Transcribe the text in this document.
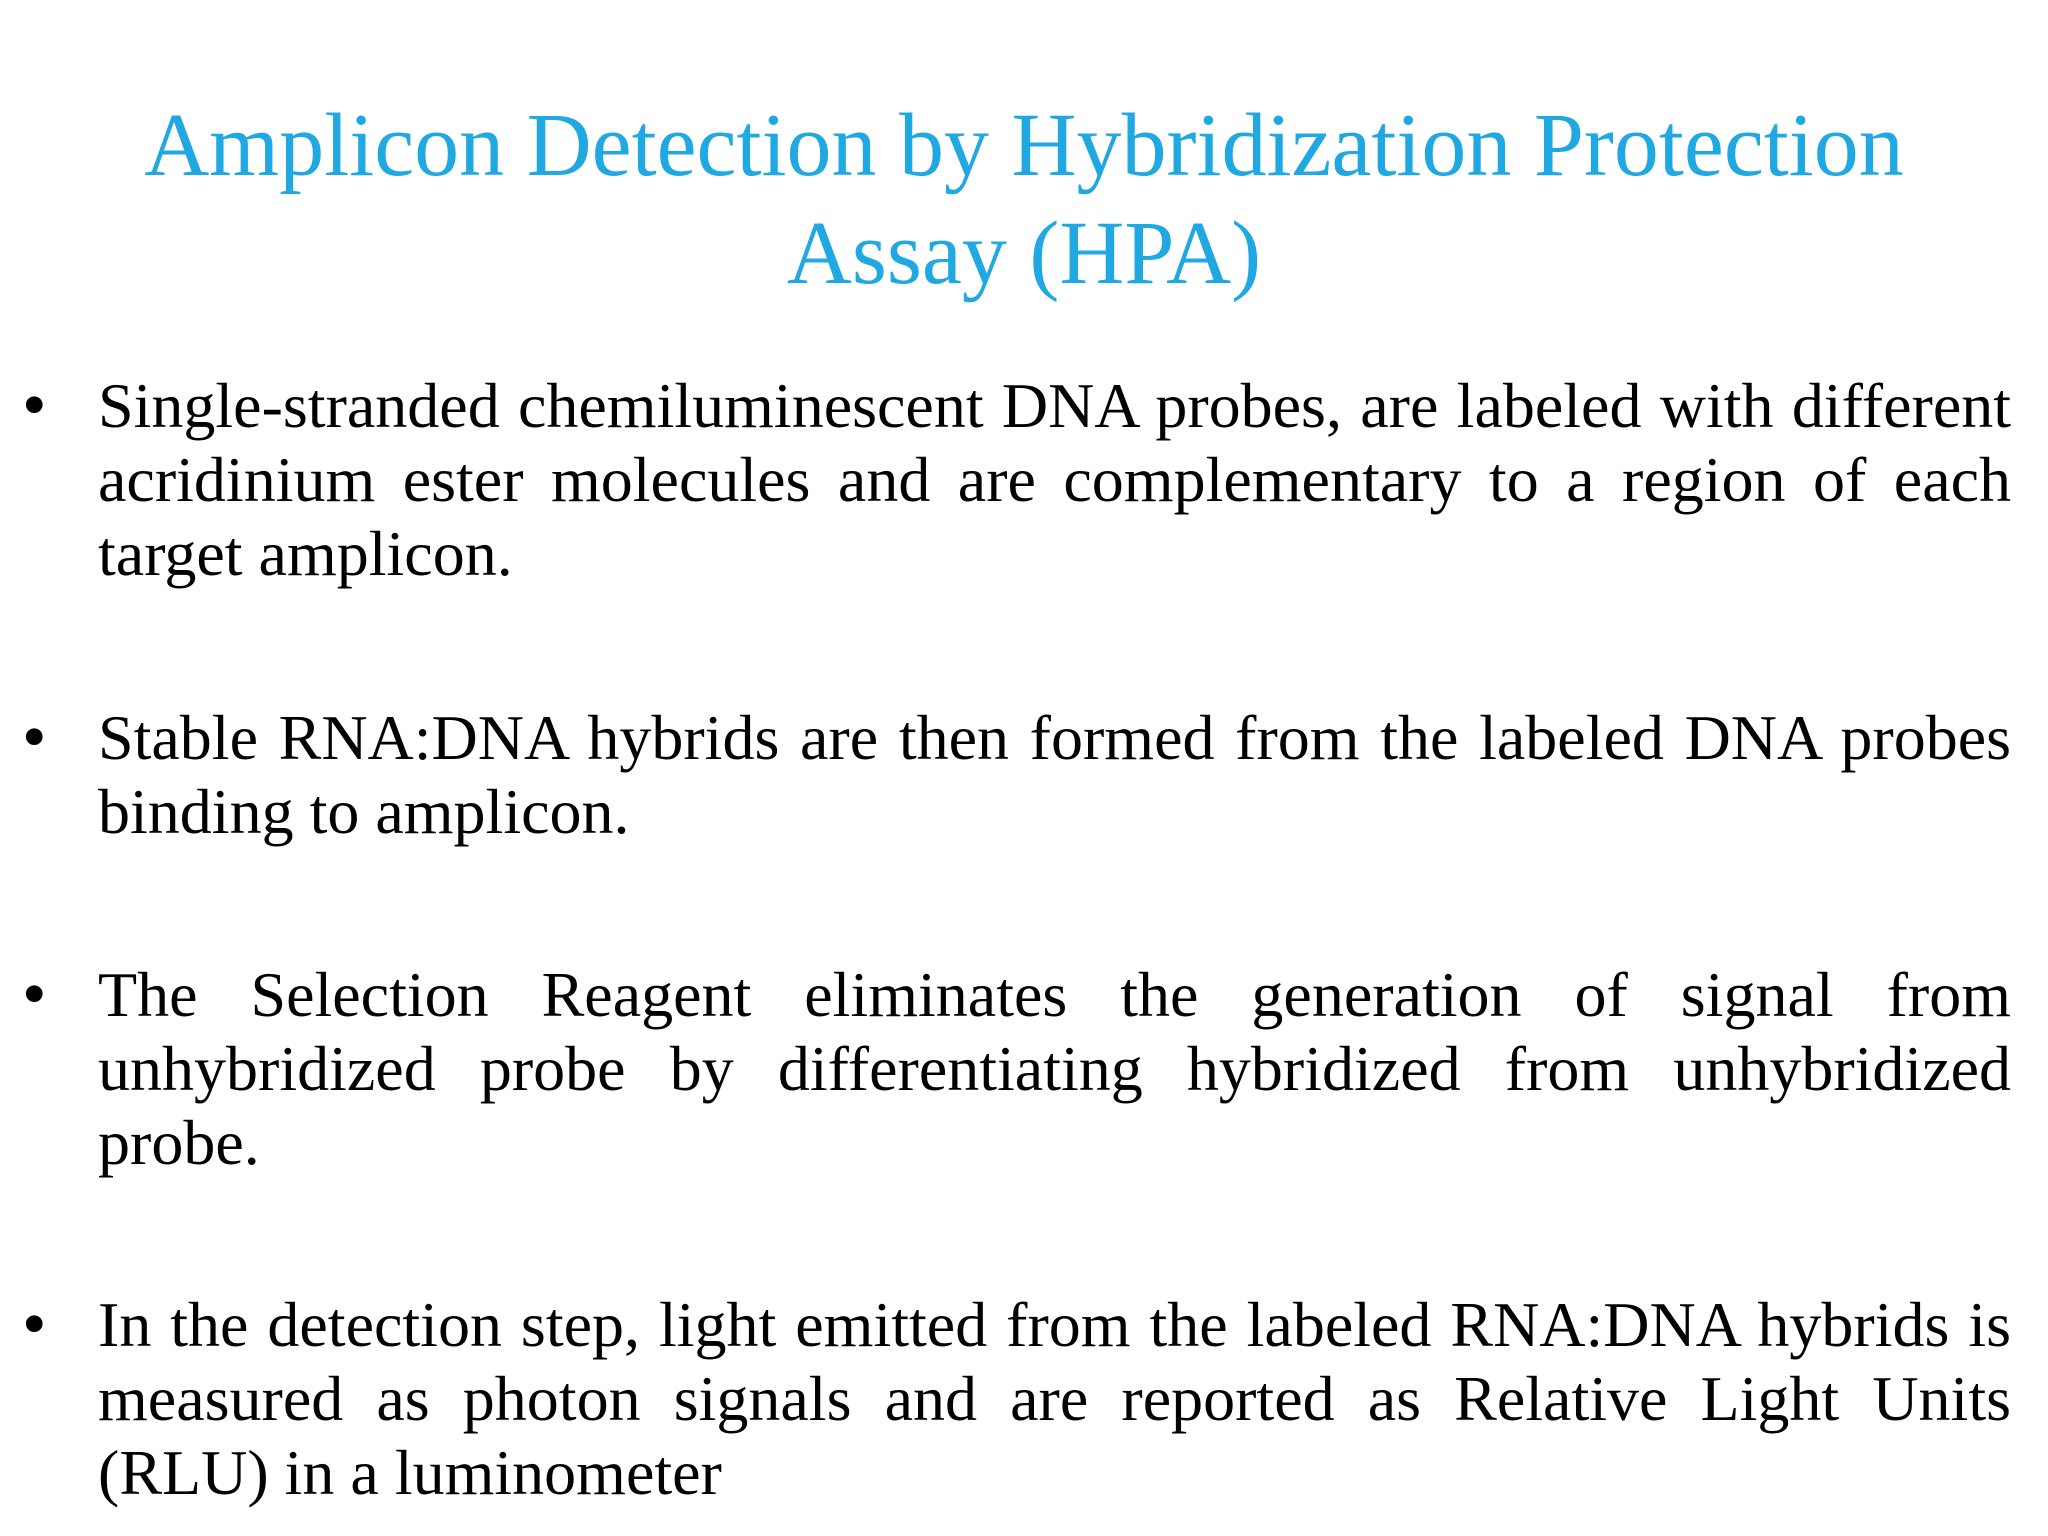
Amplicon Detection by Hybridization Protection Assay (HPA)
• Single-stranded chemiluminescent DNA probes, are labeled with different acridinium ester molecules and are complementary to a region of each target amplicon.
• Stable RNA:DNA hybrids are then formed from the labeled DNA probes binding to amplicon.
• The Selection Reagent eliminates the generation of signal from unhybridized probe by differentiating hybridized from unhybridized probe.
• In the detection step, light emitted from the labeled RNA:DNA hybrids is measured as photon signals and are reported as Relative Light Units (RLU) in a luminometer
